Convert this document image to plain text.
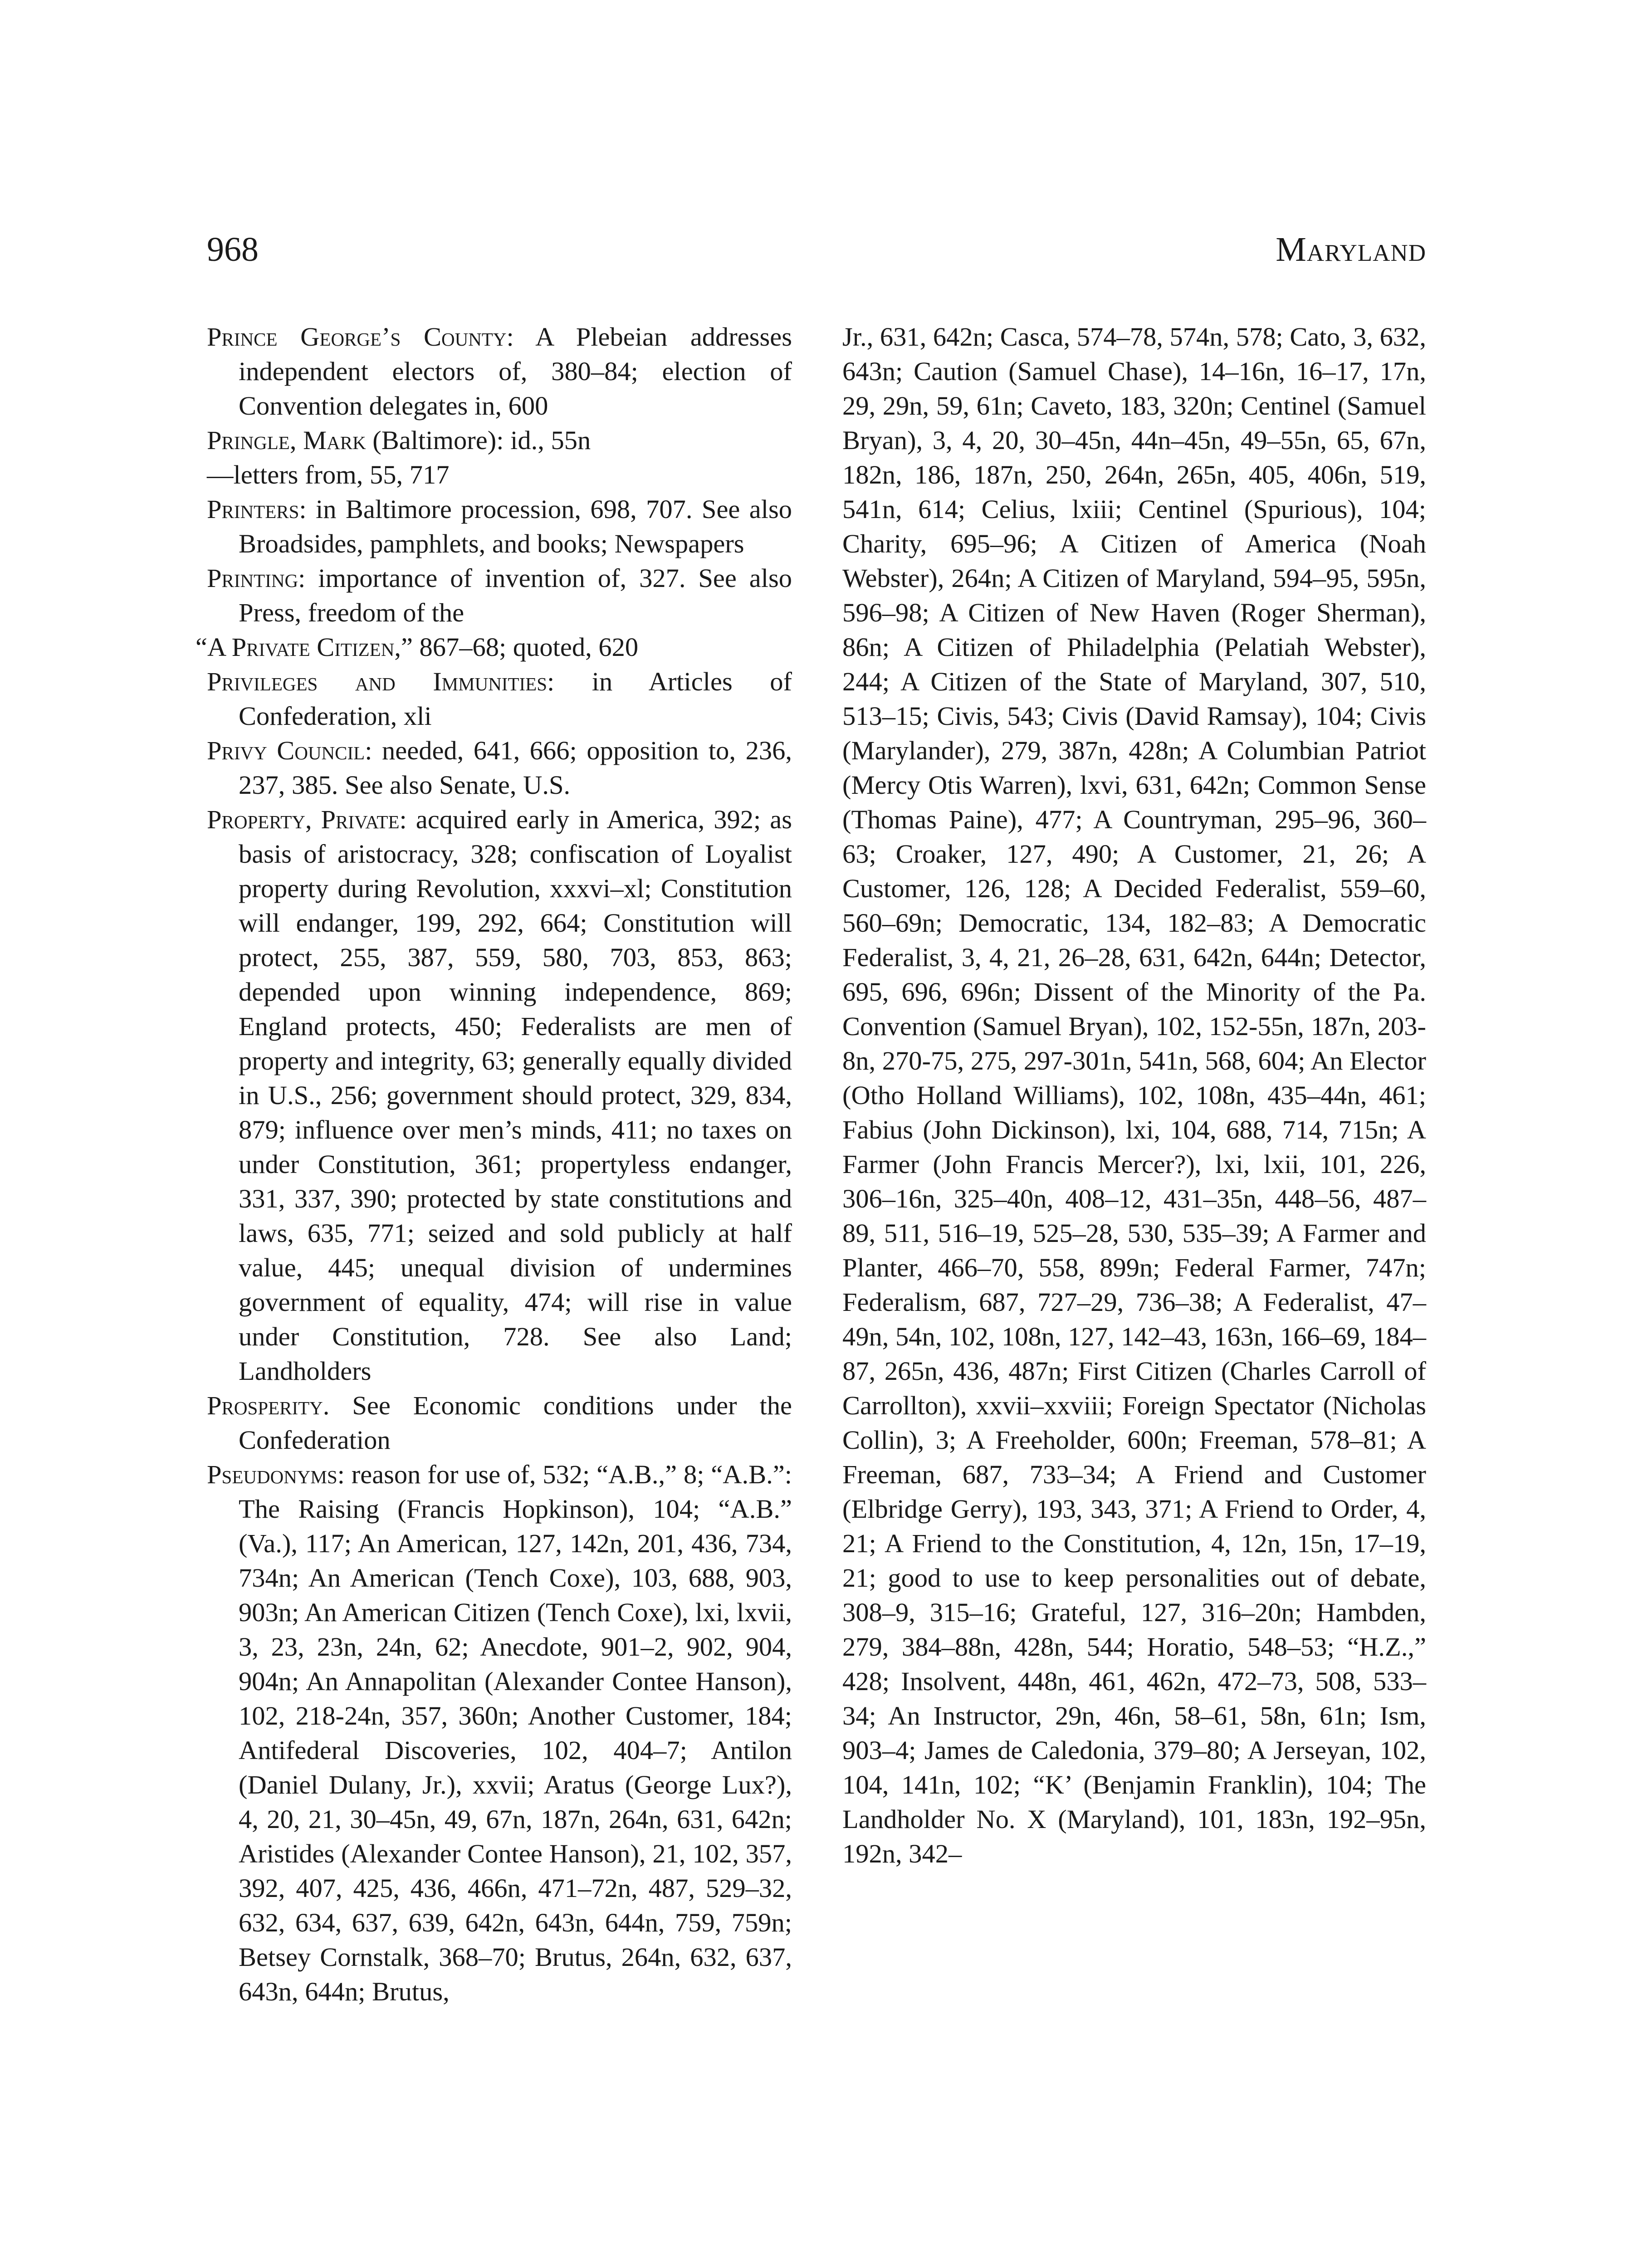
968	Maryland

Prince George’s County: A Plebeian addresses independent electors of, 380–84; election of Convention delegates in, 600

Pringle, Mark (Baltimore): id., 55n

—letters from, 55, 717

Printers: in Baltimore procession, 698, 707. See also Broadsides, pamphlets, and books; Newspapers

Printing: importance of invention of, 327. See also Press, freedom of the

“A Private Citizen,” 867–68; quoted, 620

Privileges and Immunities: in Articles of Confederation, xli

Privy Council: needed, 641, 666; opposition to, 236, 237, 385. See also Senate, U.S.

Property, Private: acquired early in America, 392; as basis of aristocracy, 328; confiscation of Loyalist property during Revolution, xxxvi–xl; Constitution will endanger, 199, 292, 664; Constitution will protect, 255, 387, 559, 580, 703, 853, 863; depended upon winning independence, 869; England protects, 450; Federalists are men of property and integrity, 63; generally equally divided in U.S., 256; government should protect, 329, 834, 879; influence over men’s minds, 411; no taxes on under Constitution, 361; propertyless endanger, 331, 337, 390; protected by state constitutions and laws, 635, 771; seized and sold publicly at half value, 445; unequal division of undermines government of equality, 474; will rise in value under Constitution, 728. See also Land; Landholders

Prosperity. See Economic conditions under the Confederation

Pseudonyms: reason for use of, 532; “A.B.,” 8; “A.B.”: The Raising (Francis Hopkinson), 104; “A.B.” (Va.), 117; An American, 127, 142n, 201, 436, 734, 734n; An American (Tench Coxe), 103, 688, 903, 903n; An American Citizen (Tench Coxe), lxi, lxvii, 3, 23, 23n, 24n, 62; Anecdote, 901–2, 902, 904, 904n; An Annapolitan (Alexander Contee Hanson), 102, 218-24n, 357, 360n; Another Customer, 184; Antifederal Discoveries, 102, 404–7; Antilon (Daniel Dulany, Jr.), xxvii; Aratus (George Lux?), 4, 20, 21, 30–45n, 49, 67n, 187n, 264n, 631, 642n; Aristides (Alexander Contee Hanson), 21, 102, 357, 392, 407, 425, 436, 466n, 471–72n, 487, 529–32, 632, 634, 637, 639, 642n, 643n, 644n, 759, 759n; Betsey Cornstalk, 368–70; Brutus, 264n, 632, 637, 643n, 644n; Brutus,

Jr., 631, 642n; Casca, 574–78, 574n, 578; Cato, 3, 632, 643n; Caution (Samuel Chase), 14–16n, 16–17, 17n, 29, 29n, 59, 61n; Caveto, 183, 320n; Centinel (Samuel Bryan), 3, 4, 20, 30–45n, 44n–45n, 49–55n, 65, 67n, 182n, 186, 187n, 250, 264n, 265n, 405, 406n, 519, 541n, 614; Celius, lxiii; Centinel (Spurious), 104; Charity, 695–96; A Citizen of America (Noah Webster), 264n; A Citizen of Maryland, 594–95, 595n, 596–98; A Citizen of New Haven (Roger Sherman), 86n; A Citizen of Philadelphia (Pelatiah Webster), 244; A Citizen of the State of Maryland, 307, 510, 513–15; Civis, 543; Civis (David Ramsay), 104; Civis (Marylander), 279, 387n, 428n; A Columbian Patriot (Mercy Otis Warren), lxvi, 631, 642n; Common Sense (Thomas Paine), 477; A Countryman, 295–96, 360–63; Croaker, 127, 490; A Customer, 21, 26; A Customer, 126, 128; A Decided Federalist, 559–60, 560–69n; Democratic, 134, 182–83; A Democratic Federalist, 3, 4, 21, 26–28, 631, 642n, 644n; Detector, 695, 696, 696n; Dissent of the Minority of the Pa. Convention (Samuel Bryan), 102, 152-55n, 187n, 203-8n, 270-75, 275, 297-301n, 541n, 568, 604; An Elector (Otho Holland Williams), 102, 108n, 435–44n, 461; Fabius (John Dickinson), lxi, 104, 688, 714, 715n; A Farmer (John Francis Mercer?), lxi, lxii, 101, 226, 306–16n, 325–40n, 408–12, 431–35n, 448–56, 487–89, 511, 516–19, 525–28, 530, 535–39; A Farmer and Planter, 466–70, 558, 899n; Federal Farmer, 747n; Federalism, 687, 727–29, 736–38; A Federalist, 47–49n, 54n, 102, 108n, 127, 142–43, 163n, 166–69, 184–87, 265n, 436, 487n; First Citizen (Charles Carroll of Carrollton), xxvii–xxviii; Foreign Spectator (Nicholas Collin), 3; A Freeholder, 600n; Freeman, 578–81; A Freeman, 687, 733–34; A Friend and Customer (Elbridge Gerry), 193, 343, 371; A Friend to Order, 4, 21; A Friend to the Constitution, 4, 12n, 15n, 17–19, 21; good to use to keep personalities out of debate, 308–9, 315–16; Grateful, 127, 316–20n; Hambden, 279, 384–88n, 428n, 544; Horatio, 548–53; “H.Z.,” 428; Insolvent, 448n, 461, 462n, 472–73, 508, 533–34; An Instructor, 29n, 46n, 58–61, 58n, 61n; Ism, 903–4; James de Caledonia, 379–80; A Jerseyan, 102, 104, 141n, 102; “K’ (Benjamin Franklin), 104; The Landholder No. X (Maryland), 101, 183n, 192–95n, 192n, 342–
